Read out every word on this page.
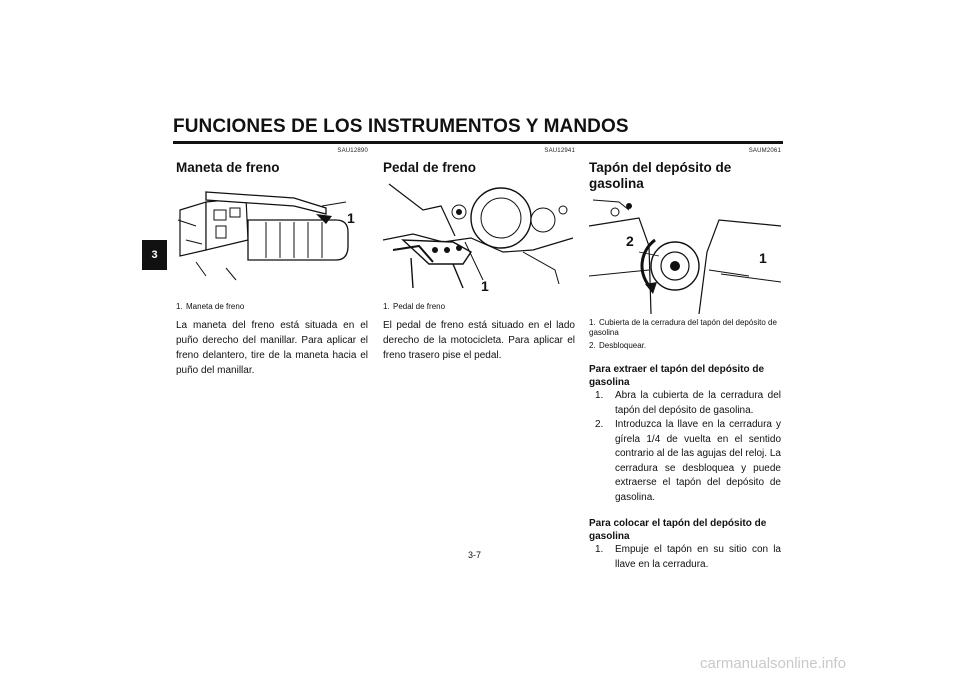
FUNCIONES DE LOS INSTRUMENTOS Y MANDOS
3
SAU12890
Maneta de freno
1. Maneta de freno
La maneta del freno está situada en el puño derecho del manillar. Para aplicar el freno delantero, tire de la maneta hacia el puño del manillar.
1
SAU12941
Pedal de freno
1. Pedal de freno
El pedal de freno está situado en el lado derecho de la motocicleta. Para aplicar el freno trasero pise el pedal.
1
SAUM2061
Tapón del depósito de gasolina
1. Cubierta de la cerradura del tapón del depósito de gasolina
2. Desbloquear.
Para extraer el tapón del depósito de gasolina
1. Abra la cubierta de la cerradura del tapón del depósito de gasolina.
2. Introduzca la llave en la cerradura y gírela 1/4 de vuelta en el sentido contrario al de las agujas del reloj. La cerradura se desbloquea y puede extraerse el tapón del depósito de gasolina.
Para colocar el tapón del depósito de gasolina
1. Empuje el tapón en su sitio con la llave en la cerradura.
1
2
3-7
carmanualsonline.info
